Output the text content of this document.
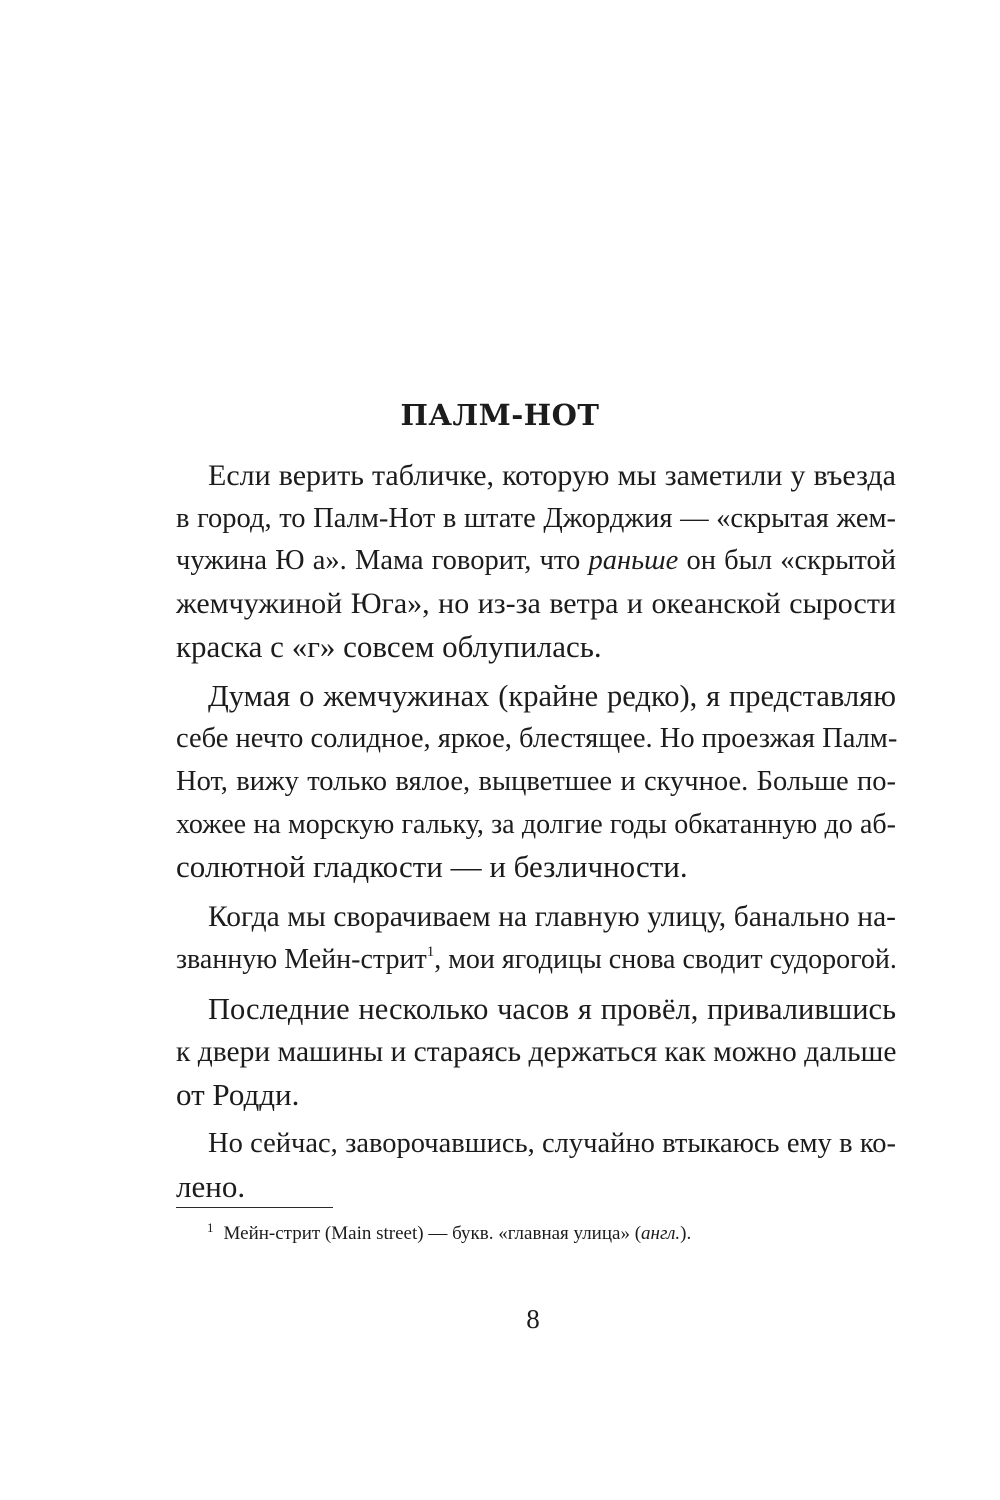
ПАЛМ-НОТ
Если верить табличке, которую мы заметили у въезда
в город, то Палм-Нот в штате Джорджия — «скрытая жем-
чужина Ю а». Мама говорит, что раньше он был «скрытой
жемчужиной Юга», но из-за ветра и океанской сырости
краска с «г» совсем облупилась.
Думая о жемчужинах (крайне редко), я представляю
себе нечто солидное, яркое, блестящее. Но проезжая Палм-
Нот, вижу только вялое, выцветшее и скучное. Больше по-
хожее на морскую гальку, за долгие годы обкатанную до аб-
солютной гладкости — и безличности.
Когда мы сворачиваем на главную улицу, банально на-
званную Мейн-стрит$^1$, мои ягодицы снова сводит судорогой.
Последние несколько часов я провёл, привалившись
к двери машины и стараясь держаться как можно дальше
от Родди.
Но сейчас, заворочавшись, случайно втыкаюсь ему в ко-
лено.
$^1$ Мейн-стрит (Main street) — букв. «главная улица» (англ.).
8
